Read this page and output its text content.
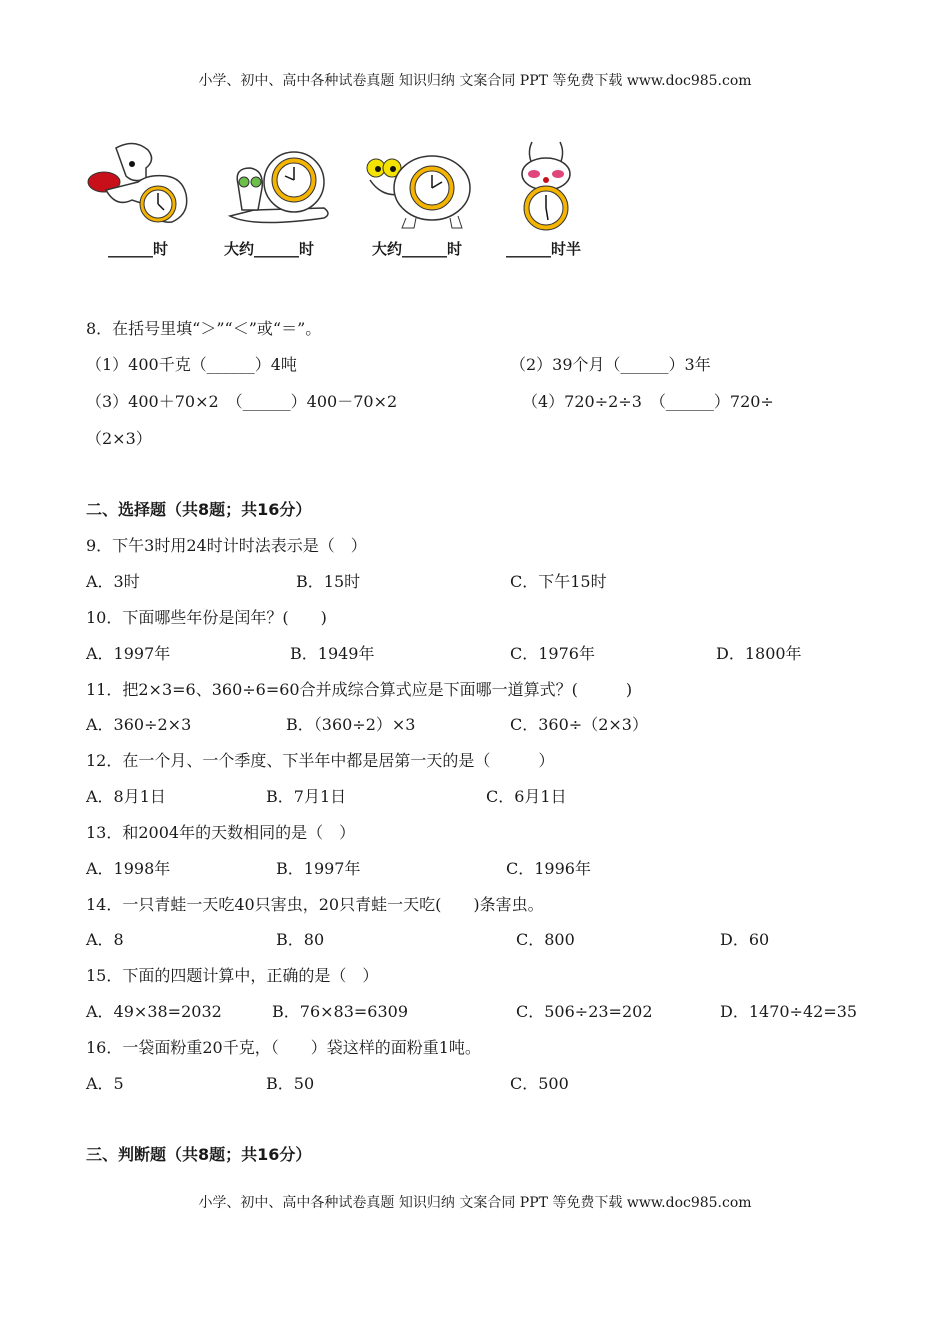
小学、初中、高中各种试卷真题 知识归纳 文案合同 PPT 等免费下载 www.doc985.com
______时	大约______时	大约______时	______时半
8．在括号里填“＞”“＜”或“＝”。
（1）400千克（______）4吨	（2）39个月（______）3年
（3）400＋70×2　（______）400－70×2	（4）720÷2÷3　（______）720÷
（2×3）
二、选择题（共8题；共16分）
9．下午3时用24时计时法表示是（　）
A．3时	B．15时	C．下午15时
10．下面哪些年份是闰年？(　　)
A．1997年	B．1949年	C．1976年	D．1800年
11．把2×3=6、360÷6=60合并成综合算式应是下面哪一道算式？(　　　)
A．360÷2×3	B．（360÷2）×3	C．360÷（2×3）
12．在一个月、一个季度、下半年中都是居第一天的是（　　　）
A．8月1日	B．7月1日	C．6月1日
13．和2004年的天数相同的是（　）
A．1998年	B．1997年	C．1996年
14．一只青蛙一天吃40只害虫，20只青蛙一天吃(　　)条害虫。
A．8	B．80	C．800	D．60
15．下面的四题计算中，正确的是（　）
A．49×38=2032	B．76×83=6309	C．506÷23=202	D．1470÷42=35
16．一袋面粉重20千克，（　　）袋这样的面粉重1吨。
A．5	B．50	C．500
三、判断题（共8题；共16分）
小学、初中、高中各种试卷真题 知识归纳 文案合同 PPT 等免费下载 www.doc985.com
